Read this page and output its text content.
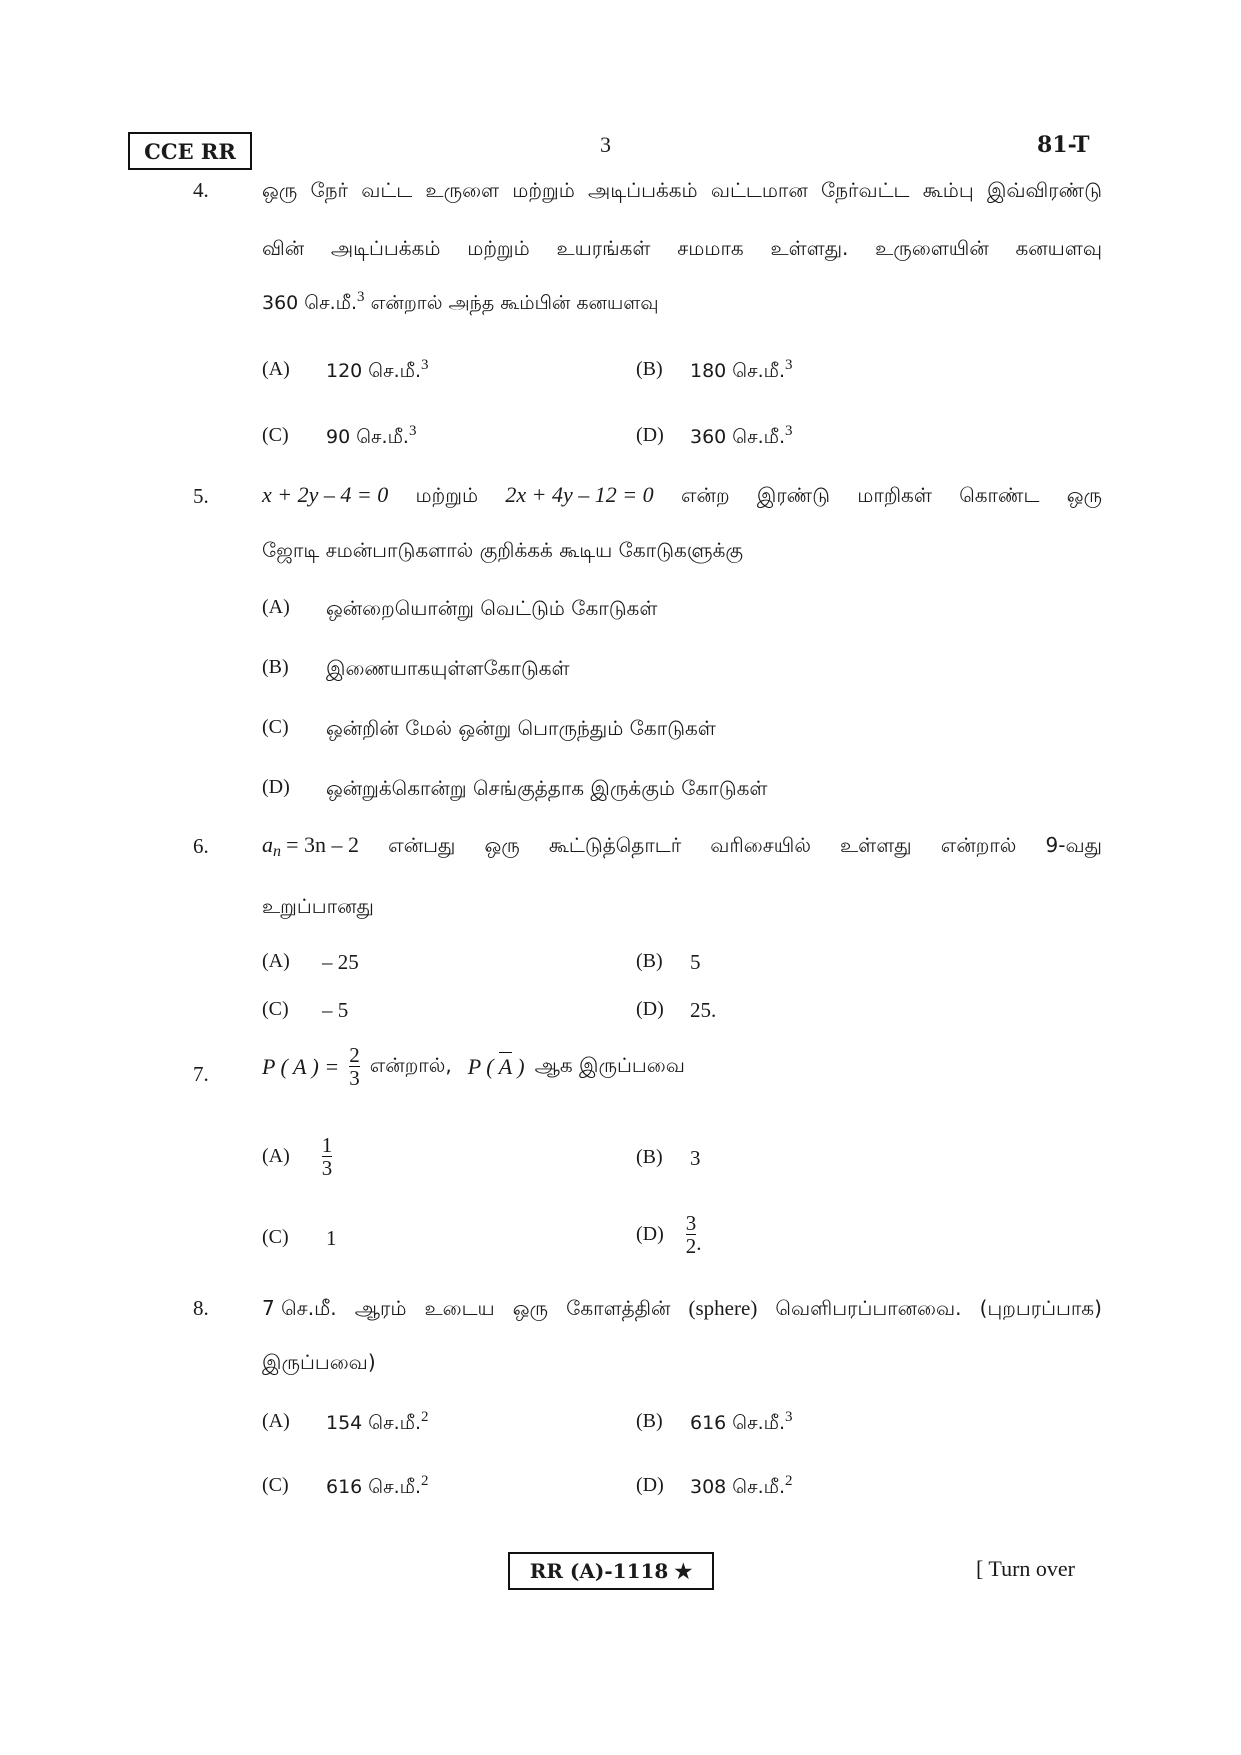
CCE RR	3	81-T
4.	ஒரு நேர் வட்ட உருளை மற்றும் அடிப்பக்கம் வட்டமான நேர்வட்ட கூம்பு இவ்விரண்டு
வின் அடிப்பக்கம் மற்றும் உயரங்கள் சமமாக உள்ளது. உருளையின் கனயளவு
360 செ.மீ.$^3$ என்றால் அந்த கூம்பின் கனயளவு
(A) 120 செ.மீ.$^3$	(B) 180 செ.மீ.$^3$
(C) 90 செ.மீ.$^3$	(D) 360 செ.மீ.$^3$
5. x + 2y – 4 = 0 மற்றும் 2x + 4y – 12 = 0 என்ற இரண்டு மாறிகள் கொண்ட ஒரு
ஜோடி சமன்பாடுகளால் குறிக்கக் கூடிய கோடுகளுக்கு
(A) ஒன்றையொன்று வெட்டும் கோடுகள்
(B) இணையாகயுள்ளகோடுகள்
(C) ஒன்றின் மேல் ஒன்று பொருந்தும் கோடுகள்
(D) ஒன்றுக்கொன்று செங்குத்தாக இருக்கும் கோடுகள்
6. $a_n = 3n - 2$ என்பது ஒரு கூட்டுத்தொடர் வரிசையில் உள்ளது என்றால் 9-வது
உறுப்பானது
(A) – 25	(B) 5
(C) – 5	(D) 25.
7. P ( A ) = $\frac{2}{3}$ என்றால், P ( A ) ஆக இருப்பவை
$(A) \frac{1}{3}$	(B) 3
(C) 1	$(D) \frac{3}{2}$ .
8.	7 செ.மீ. ஆரம் உடைய ஒரு கோளத்தின் (sphere) வெளிபரப்பானவை. (புறபரப்பாக)
இருப்பவை)
(A) 154 செ.மீ.$^2$	(B) 616 செ.மீ.$^3$
(C) 616 செ.மீ.$^2$	(D) 308 செ.மீ.$^2$
RR (A)-1118 ★	[ Turn over
